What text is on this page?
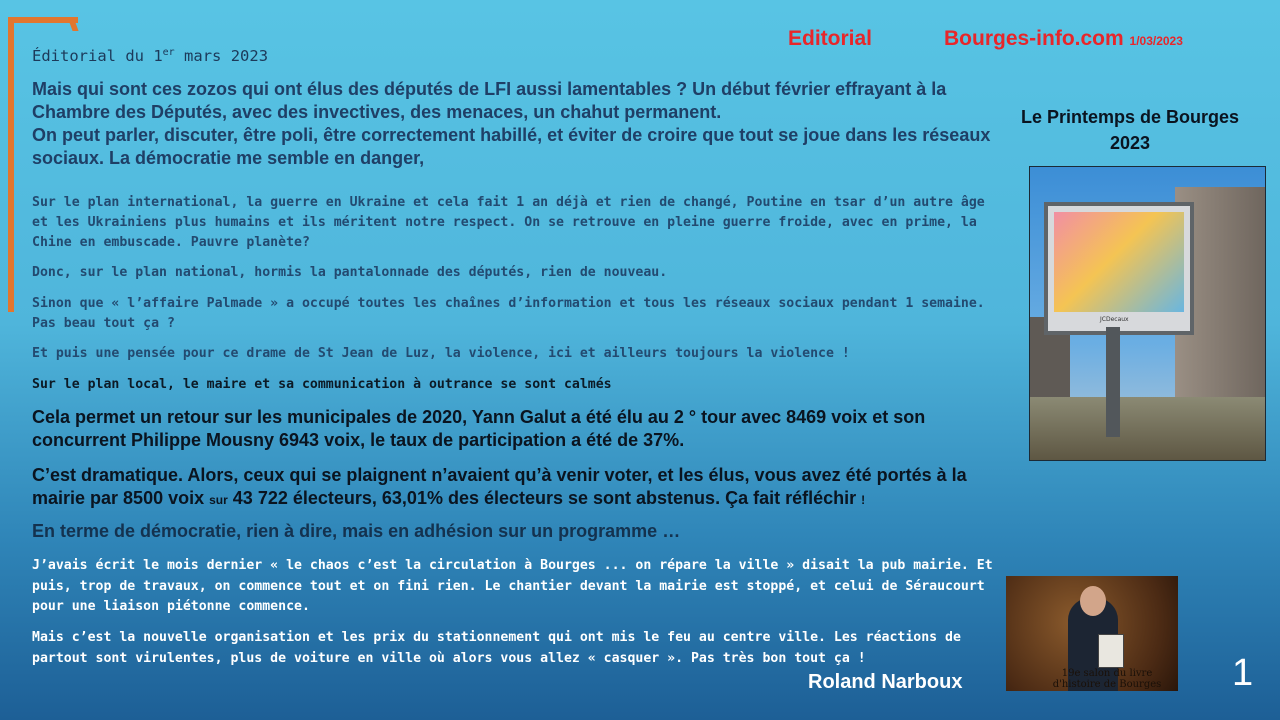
Editorial	Bourges-info.com 1/03/2023

Éditorial du 1er mars 2023

Mais qui sont ces zozos qui ont élus des députés de LFI aussi lamentables ? Un début février effrayant à la Chambre des Députés, avec des invectives, des menaces, un chahut permanent.
On peut parler, discuter, être poli, être correctement habillé, et éviter de croire que tout se joue dans les réseaux sociaux. La démocratie me semble en danger,

Sur le plan international, la guerre en Ukraine et cela fait 1 an déjà et rien de changé, Poutine en tsar d’un autre âge et les Ukrainiens plus humains et ils méritent notre respect. On se retrouve en pleine guerre froide, avec en prime, la Chine en embuscade. Pauvre planète?

Donc, sur le plan national, hormis la pantalonnade des députés, rien de nouveau.

Sinon que « l’affaire Palmade » a occupé toutes les chaînes d’information et tous les réseaux sociaux pendant 1 semaine. Pas beau tout ça ?

Et puis une pensée pour ce drame de St Jean de Luz, la violence, ici et ailleurs toujours la violence !

Sur le plan local, le maire et sa communication à outrance se sont calmés

Cela permet un retour sur les municipales de 2020, Yann Galut a été élu au 2 ° tour avec 8469 voix et son concurrent Philippe Mousny 6943 voix, le taux de participation a été de 37%.

C’est dramatique. Alors, ceux qui se plaignent n’avaient qu’à venir voter, et les élus, vous avez été portés à la mairie par 8500 voix sur 43 722 électeurs, 63,01% des électeurs se sont abstenus. Ça fait réfléchir !

En terme de démocratie, rien à dire, mais en adhésion sur un programme …

J’avais écrit le mois dernier « le chaos c’est la circulation à Bourges ... on répare la ville » disait la pub mairie. Et puis, trop de travaux, on commence tout et on fini rien. Le chantier devant la mairie est stoppé, et celui de Séraucourt pour une liaison piétonne commence.

Mais c’est la nouvelle organisation et les prix du stationnement qui ont mis le feu au centre ville. Les réactions de partout sont virulentes, plus de voiture en ville où alors vous allez « casquer ». Pas très bon tout ça !

Le Printemps de Bourges
2023
JCDecaux
19e salon du livre
d'histoire de Bourges

Roland Narboux	1
